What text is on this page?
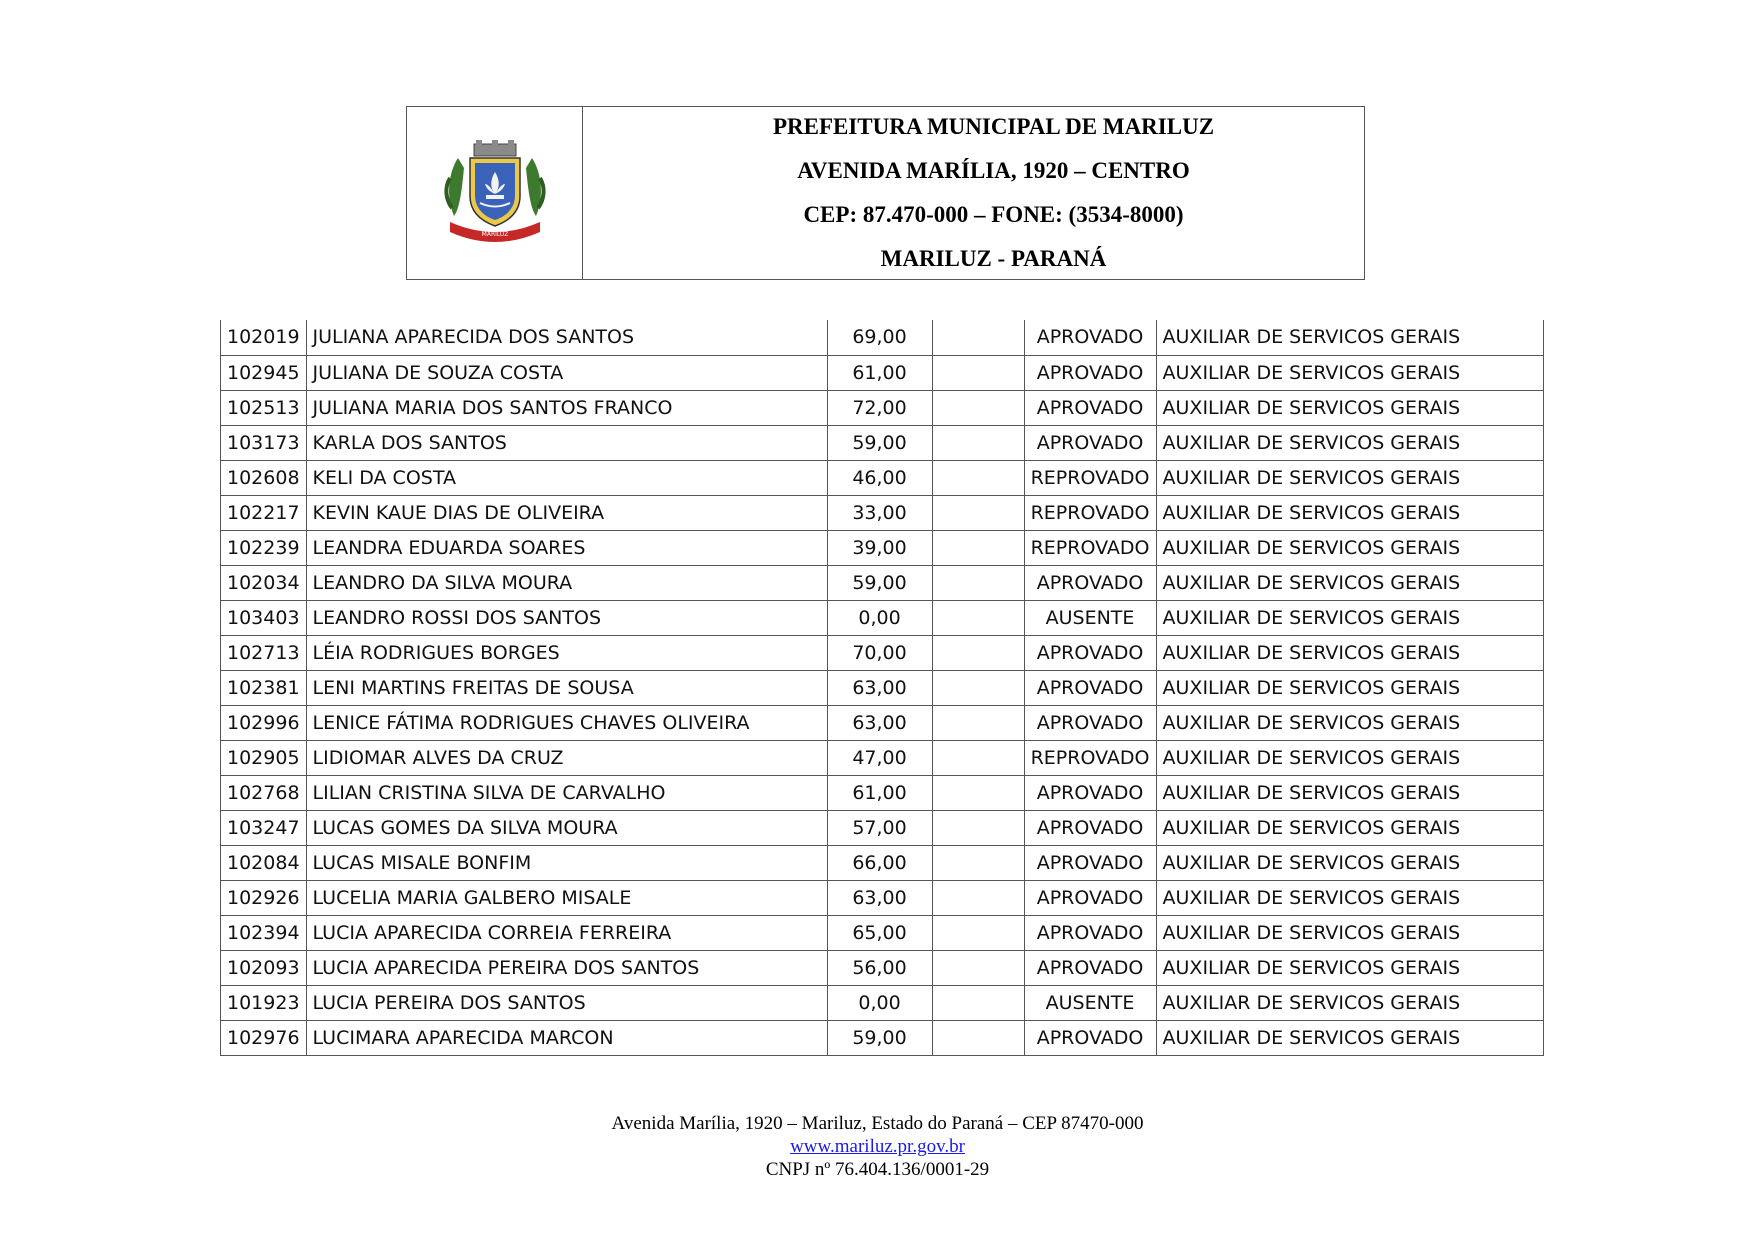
MARILUZ
PREFEITURA MUNICIPAL DE MARILUZ
AVENIDA MARÍLIA, 1920 – CENTRO
CEP: 87.470-000 – FONE: (3534-8000)
MARILUZ - PARANÁ
102019	JULIANA APARECIDA DOS SANTOS	69,00		APROVADO	AUXILIAR DE SERVICOS GERAIS
102945	JULIANA DE SOUZA COSTA	61,00		APROVADO	AUXILIAR DE SERVICOS GERAIS
102513	JULIANA MARIA DOS SANTOS FRANCO	72,00		APROVADO	AUXILIAR DE SERVICOS GERAIS
103173	KARLA DOS SANTOS	59,00		APROVADO	AUXILIAR DE SERVICOS GERAIS
102608	KELI DA COSTA	46,00		REPROVADO	AUXILIAR DE SERVICOS GERAIS
102217	KEVIN KAUE DIAS DE OLIVEIRA	33,00		REPROVADO	AUXILIAR DE SERVICOS GERAIS
102239	LEANDRA EDUARDA SOARES	39,00		REPROVADO	AUXILIAR DE SERVICOS GERAIS
102034	LEANDRO DA SILVA MOURA	59,00		APROVADO	AUXILIAR DE SERVICOS GERAIS
103403	LEANDRO ROSSI DOS SANTOS	0,00		AUSENTE	AUXILIAR DE SERVICOS GERAIS
102713	LÉIA RODRIGUES BORGES	70,00		APROVADO	AUXILIAR DE SERVICOS GERAIS
102381	LENI MARTINS FREITAS DE SOUSA	63,00		APROVADO	AUXILIAR DE SERVICOS GERAIS
102996	LENICE FÁTIMA RODRIGUES CHAVES OLIVEIRA	63,00		APROVADO	AUXILIAR DE SERVICOS GERAIS
102905	LIDIOMAR ALVES DA CRUZ	47,00		REPROVADO	AUXILIAR DE SERVICOS GERAIS
102768	LILIAN CRISTINA SILVA DE CARVALHO	61,00		APROVADO	AUXILIAR DE SERVICOS GERAIS
103247	LUCAS GOMES DA SILVA MOURA	57,00		APROVADO	AUXILIAR DE SERVICOS GERAIS
102084	LUCAS MISALE BONFIM	66,00		APROVADO	AUXILIAR DE SERVICOS GERAIS
102926	LUCELIA MARIA GALBERO MISALE	63,00		APROVADO	AUXILIAR DE SERVICOS GERAIS
102394	LUCIA APARECIDA CORREIA FERREIRA	65,00		APROVADO	AUXILIAR DE SERVICOS GERAIS
102093	LUCIA APARECIDA PEREIRA DOS SANTOS	56,00		APROVADO	AUXILIAR DE SERVICOS GERAIS
101923	LUCIA PEREIRA DOS SANTOS	0,00		AUSENTE	AUXILIAR DE SERVICOS GERAIS
102976	LUCIMARA APARECIDA MARCON	59,00		APROVADO	AUXILIAR DE SERVICOS GERAIS
Avenida Marília, 1920 – Mariluz, Estado do Paraná – CEP 87470-000
www.mariluz.pr.gov.br
CNPJ nº 76.404.136/0001-29
